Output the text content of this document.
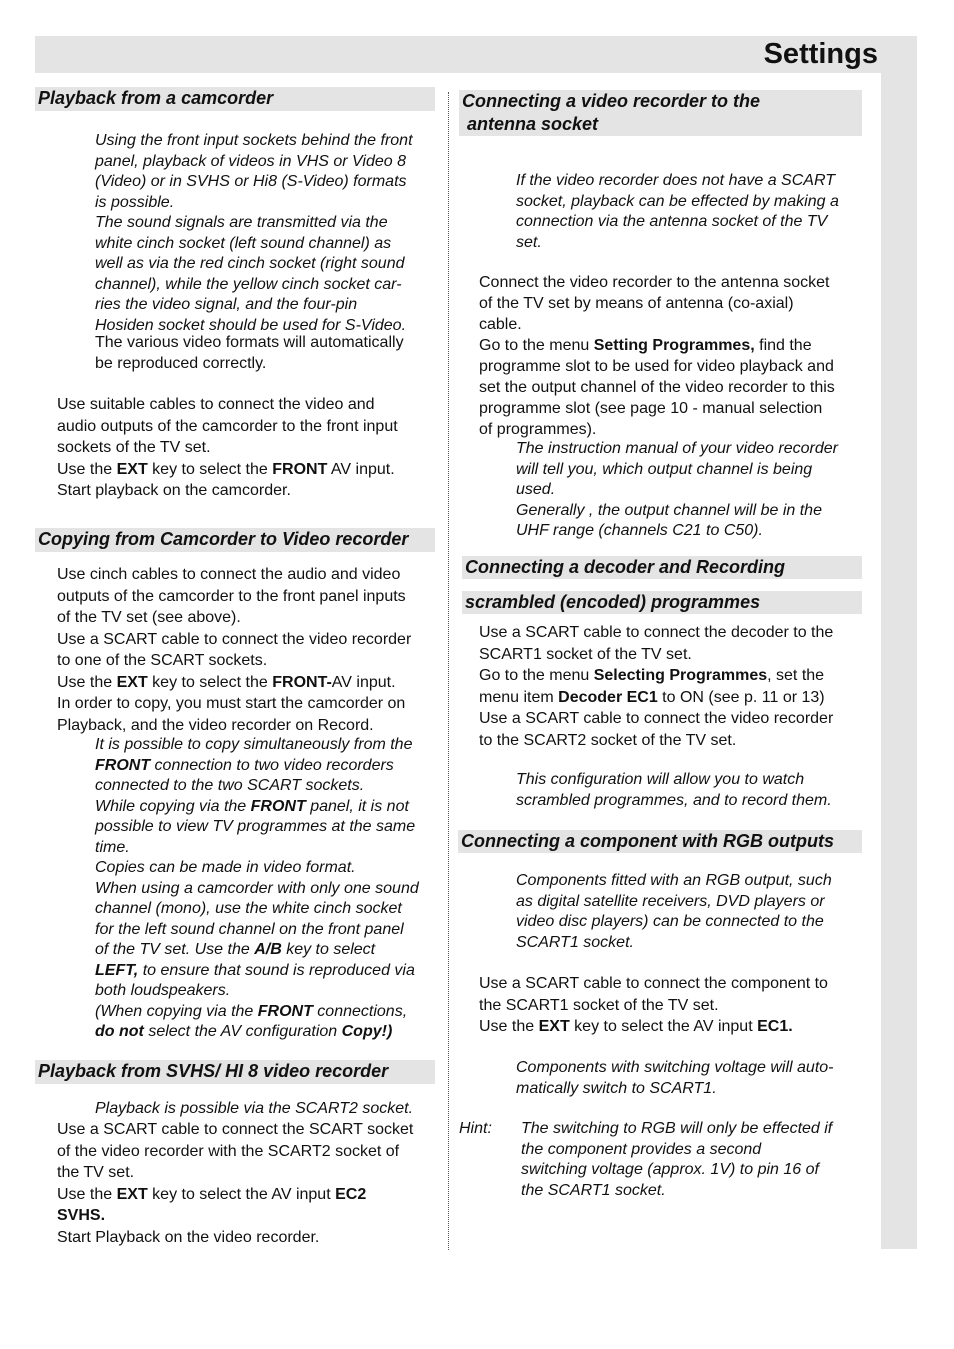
Settings
Playback from a camcorder
Using the front input sockets behind the front
panel, playback of videos in VHS or Video 8
(Video) or in SVHS or Hi8 (S-Video) formats
is possible.
The sound signals are transmitted via the
white cinch socket (left sound channel) as
well as via the red cinch socket (right sound
channel), while the yellow cinch socket car-
ries the video signal, and the four-pin
Hosiden socket should be used for S-Video.
The various video formats will automatically
be reproduced correctly.
Use suitable cables to connect the video and
audio outputs of the camcorder to the front input
sockets of the TV set.
Use the EXT key to select the FRONT AV input.
Start playback on the camcorder.
Copying from Camcorder to Video recorder
Use cinch cables to connect the audio and video
outputs of the camcorder to the front panel inputs
of the TV set (see above).
Use a SCART cable to connect the video recorder
to one of the SCART sockets.
Use the EXT key to select the FRONT-AV input.
In order to copy, you must start the camcorder on
Playback, and the video recorder on Record.
It is possible to copy simultaneously from the
FRONT connection to two video recorders
connected to the two SCART sockets.
While copying via the FRONT panel, it is not
possible to view TV programmes at the same
time.
Copies can be made in video format.
When using a camcorder with only one sound
channel (mono), use the white cinch socket
for the left sound channel on the front panel
of the TV set. Use the A/B key to select
LEFT, to ensure that sound is reproduced via
both loudspeakers.
(When copying via the FRONT connections,
do not select the AV configuration Copy!)
Playback from SVHS/ HI 8 video recorder
Playback is possible via the SCART2 socket.
Use a SCART cable to connect the SCART socket
of the video recorder with the SCART2 socket of
the TV set.
Use the EXT key to select the AV input EC2
SVHS.
Start Playback on the video recorder.
Connecting a video recorder to the
antenna socket
If the video recorder does not have a SCART
socket, playback can be effected by making a
connection via the antenna socket of the TV
set.
Connect the video recorder to the antenna socket
of the TV set by means of antenna (co-axial)
cable.
Go to the menu Setting Programmes, find the
programme slot to be used for video playback and
set the output channel of the video recorder to this
programme slot (see page 10 - manual selection
of programmes).
The instruction manual of your video recorder
will tell you, which output channel is being
used.
Generally , the output channel will be in the
UHF range (channels C21 to C50).
Connecting a decoder and Recording
scrambled (encoded) programmes
Use a SCART cable to connect the decoder to the
SCART1 socket of the TV set.
Go to the menu Selecting Programmes, set the
menu item Decoder EC1 to ON (see p. 11 or 13)
Use a SCART cable to connect the video recorder
to the SCART2 socket of the TV set.
This configuration will allow you to watch
scrambled programmes, and to record them.
Connecting a component with RGB outputs
Components fitted with an RGB output, such
as digital satellite receivers, DVD players or
video disc players) can be connected to the
SCART1 socket.
Use a SCART cable to connect the component to
the SCART1 socket of the TV set.
Use the EXT key to select the AV input EC1.
Components with switching voltage will auto-
matically switch to SCART1.
Hint: The switching to RGB will only be effected if
the component provides a second
switching voltage (approx. 1V) to pin 16 of
the SCART1 socket.
